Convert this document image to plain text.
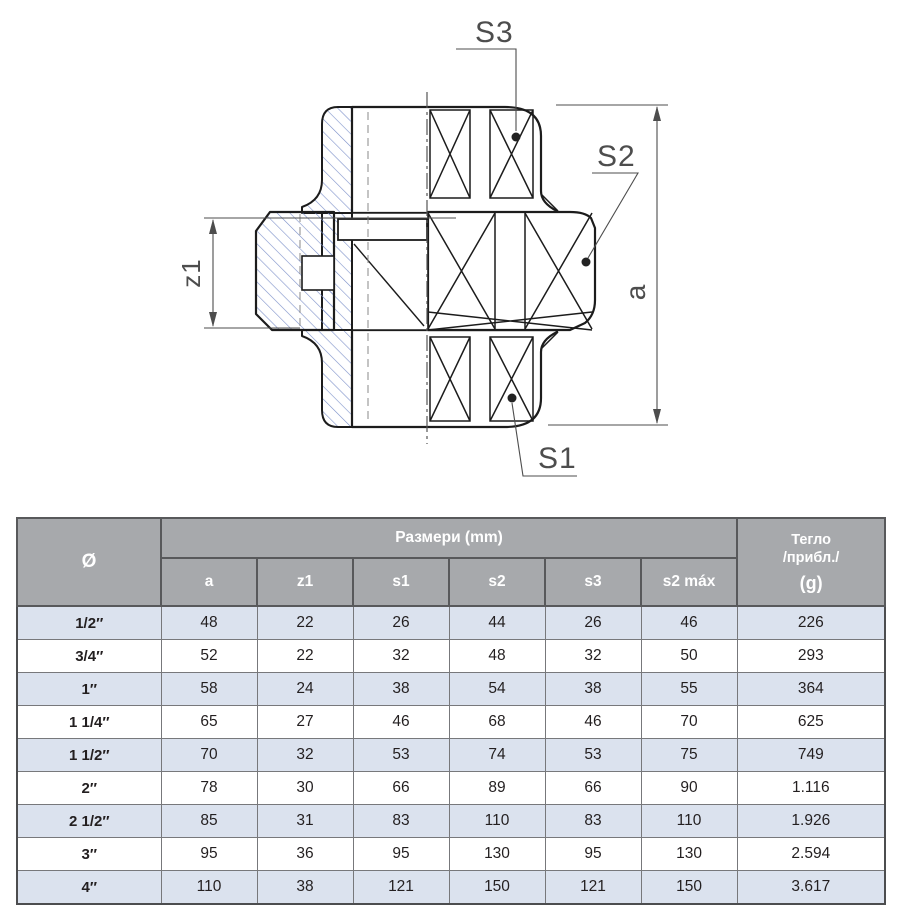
z1
a
S3
S2
S1
Ø	Размери (mm)						Тегло
/прибл./
(g)

	a	z1	s1	s2	s3	s2 máx	
1/2″	48	22	26	44	26	46	226
3/4″	52	22	32	48	32	50	293
1″	58	24	38	54	38	55	364
1 1/4″	65	27	46	68	46	70	625
1 1/2″	70	32	53	74	53	75	749
2″	78	30	66	89	66	90	1.116
2 1/2″	85	31	83	110	83	110	1.926
3″	95	36	95	130	95	130	2.594
4″	110	38	121	150	121	150	3.617
